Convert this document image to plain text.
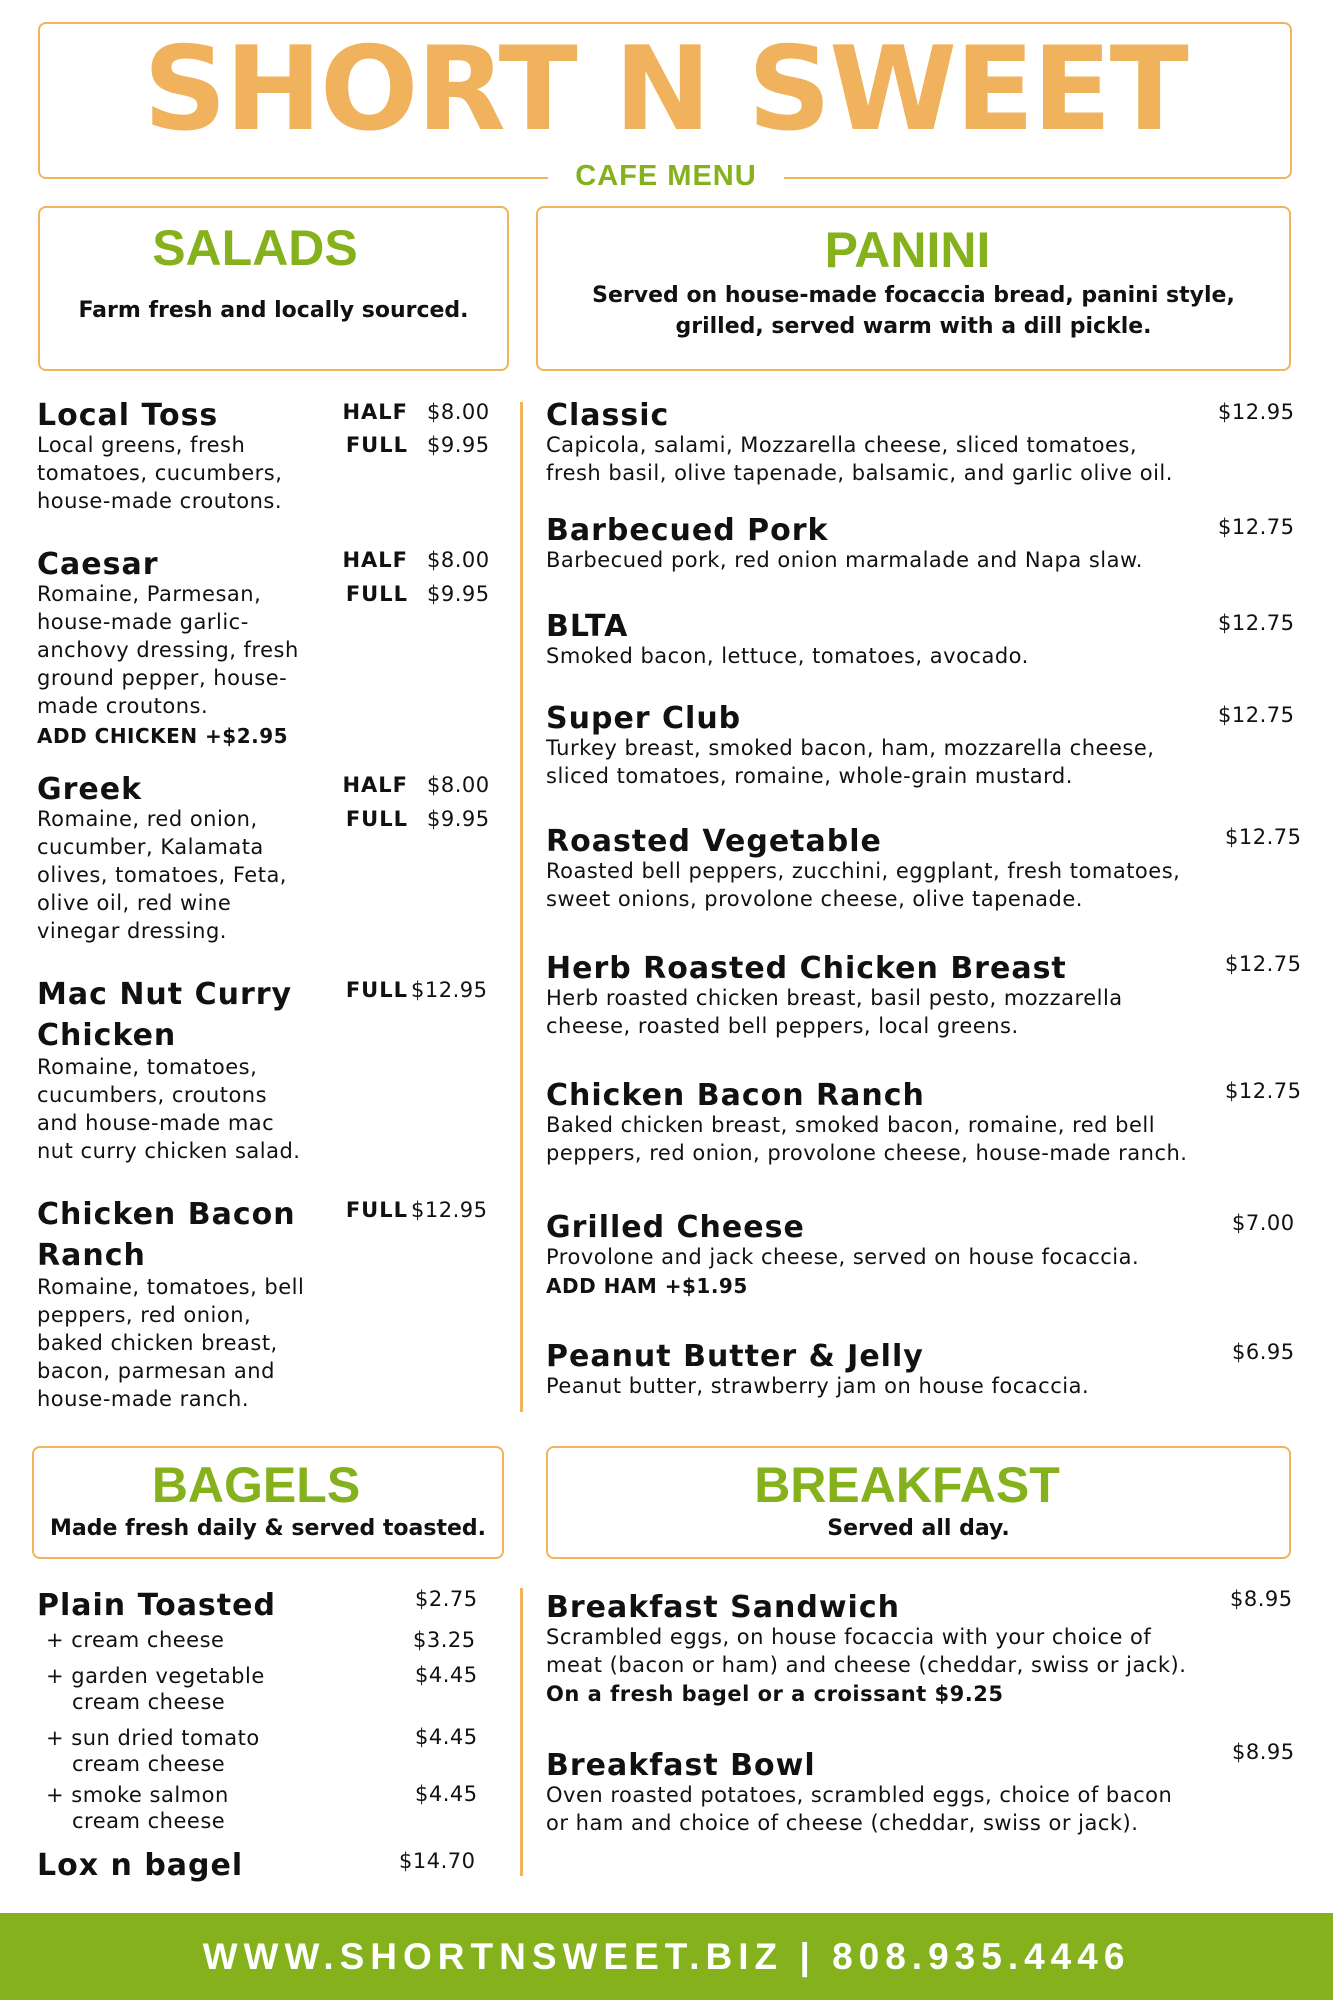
SHORT N SWEET
CAFE MENU
SALADS
Farm fresh and locally sourced.
PANINI
Served on house-made focaccia bread, panini style,
grilled, served warm with a dill pickle.
Local Toss
Local greens, fresh
tomatoes, cucumbers,
house-made croutons.
HALF $8.00
FULL $9.95
Caesar
Romaine, Parmesan,
house-made garlic-
anchovy dressing, fresh
ground pepper, house-
made croutons.
ADD CHICKEN +$2.95
HALF $8.00
FULL $9.95
Greek
Romaine, red onion,
cucumber, Kalamata
olives, tomatoes, Feta,
olive oil, red wine
vinegar dressing.
HALF $8.00
FULL $9.95
Mac Nut Curry
Chicken
Romaine, tomatoes,
cucumbers, croutons
and house-made mac
nut curry chicken salad.
FULL $12.95
Chicken Bacon
Ranch
Romaine, tomatoes, bell
peppers, red onion,
baked chicken breast,
bacon, parmesan and
house-made ranch.
FULL $12.95
Classic	$12.95
Capicola, salami, Mozzarella cheese, sliced tomatoes,
fresh basil, olive tapenade, balsamic, and garlic olive oil.
Barbecued Pork	$12.75
Barbecued pork, red onion marmalade and Napa slaw.
BLTA	$12.75
Smoked bacon, lettuce, tomatoes, avocado.
Super Club	$12.75
Turkey breast, smoked bacon, ham, mozzarella cheese,
sliced tomatoes, romaine, whole-grain mustard.
Roasted Vegetable	$12.75
Roasted bell peppers, zucchini, eggplant, fresh tomatoes,
sweet onions, provolone cheese, olive tapenade.
Herb Roasted Chicken Breast	$12.75
Herb roasted chicken breast, basil pesto, mozzarella
cheese, roasted bell peppers, local greens.
Chicken Bacon Ranch	$12.75
Baked chicken breast, smoked bacon, romaine, red bell
peppers, red onion, provolone cheese, house-made ranch.
Grilled Cheese	$7.00
Provolone and jack cheese, served on house focaccia.
ADD HAM +$1.95
Peanut Butter & Jelly	$6.95
Peanut butter, strawberry jam on house focaccia.
BAGELS
Made fresh daily & served toasted.
BREAKFAST
Served all day.
Plain Toasted	$2.75
+ cream cheese	$3.25
+ garden vegetable
cream cheese
$4.45
+ sun dried tomato
cream cheese
$4.45
+ smoke salmon
cream cheese
$4.45
Lox n bagel	$14.70
Breakfast Sandwich	$8.95
Scrambled eggs, on house focaccia with your choice of
meat (bacon or ham) and cheese (cheddar, swiss or jack).
On a fresh bagel or a croissant $9.25
Breakfast Bowl	$8.95
Oven roasted potatoes, scrambled eggs, choice of bacon
or ham and choice of cheese (cheddar, swiss or jack).
WWW.SHORTNSWEET.BIZ | 808.935.4446
